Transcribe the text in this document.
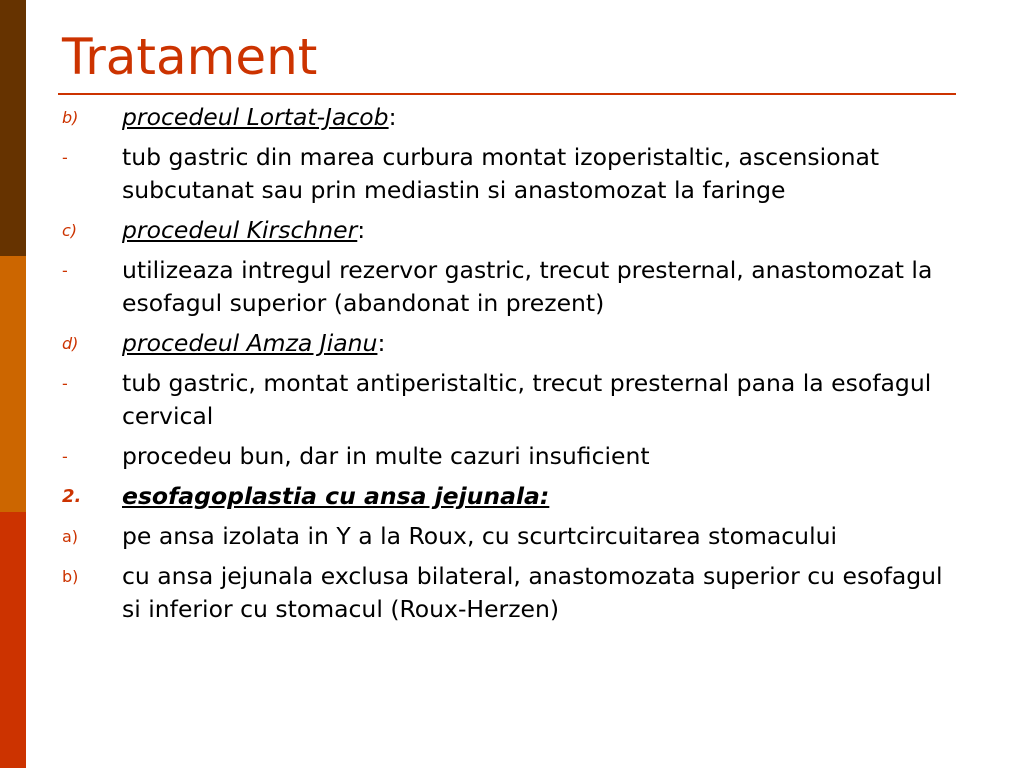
Tratament
b)	procedeul Lortat-Jacob:
-	tub gastric din marea curbura montat izoperistaltic, ascensionat subcutanat sau prin mediastin si anastomozat la faringe
c)	procedeul Kirschner:
-	utilizeaza intregul rezervor gastric, trecut presternal, anastomozat la esofagul superior (abandonat in prezent)
d)	procedeul Amza Jianu:
-	tub gastric, montat antiperistaltic, trecut presternal pana la esofagul cervical
-	procedeu bun, dar in multe cazuri insuficient
2.	esofagoplastia cu ansa jejunala:
a)	pe ansa izolata in Y a la Roux, cu scurtcircuitarea stomacului
b)	cu ansa jejunala exclusa bilateral, anastomozata superior cu esofagul si inferior cu stomacul (Roux-Herzen)
